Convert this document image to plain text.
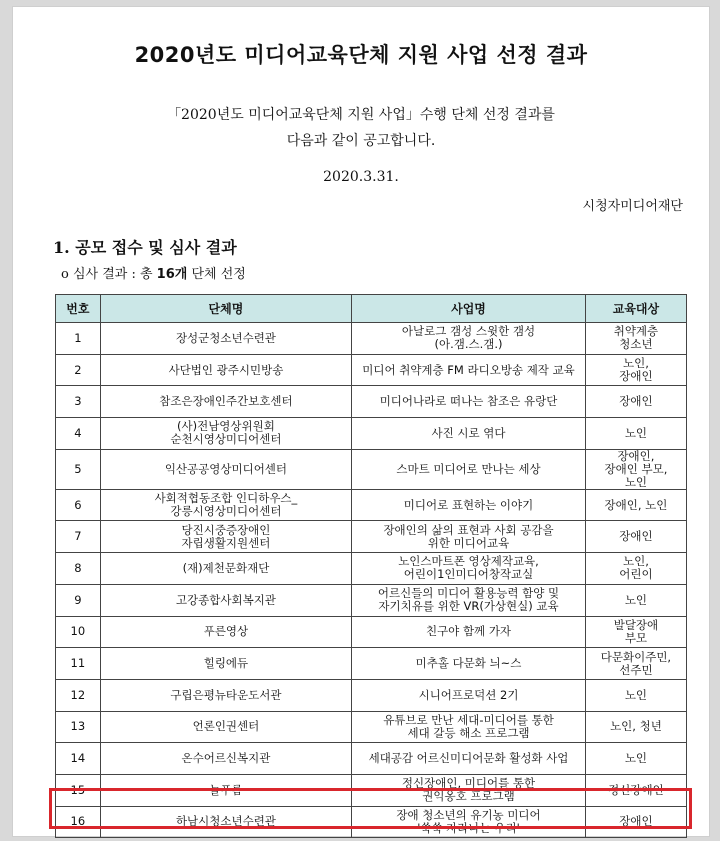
2020년도 미디어교육단체 지원 사업 선정 결과
「2020년도 미디어교육단체 지원 사업」수행 단체 선정 결과를
다음과 같이 공고합니다.
2020.3.31.
시청자미디어재단
1. 공모 접수 및 심사 결과
o 심사 결과 : 총 16개 단체 선정
번호	단체명	사업명	교육대상
1	장성군청소년수련관	아날로그 갬성 스윗한 갬성
(아.갬.스.갬.)	취약계층
청소년
2	사단법인 광주시민방송	미디어 취약계층 FM 라디오방송 제작 교육	노인,
장애인
3	참조은장애인주간보호센터	미디어나라로 떠나는 참조은 유랑단	장애인
4	(사)전남영상위원회
순천시영상미디어센터	사진 시로 엮다	노인
5	익산공공영상미디어센터	스마트 미디어로 만나는 세상	장애인,
장애인 부모,
노인
6	사회적협동조합 인디하우스_
강릉시영상미디어센터	미디어로 표현하는 이야기	장애인, 노인
7	당진시중증장애인
자립생활지원센터	장애인의 삶의 표현과 사회 공감을
위한 미디어교육	장애인
8	(재)제천문화재단	노인스마트폰 영상제작교육,
어린이1인미디어창작교실	노인,
어린이
9	고강종합사회복지관	어르신들의 미디어 활용능력 함양 및
자기치유를 위한 VR(가상현실) 교육	노인
10	푸른영상	친구야 함께 가자	발달장애
부모
11	힐링에듀	미추홀 다문화 늬~스	다문화이주민,
선주민
12	구립은평뉴타운도서관	시니어프로덕션 2기	노인
13	언론인권센터	유튜브로 만난 세대-미디어를 통한
세대 갈등 해소 프로그램	노인, 청년
14	온수어르신복지관	세대공감 어르신미디어문화 활성화 사업	노인
15	늘푸름	정신장애인, 미디어를 통한
권익옹호 프로그램	정신장애인
16	하남시청소년수련관	장애 청소년의 유기농 미디어
'쑥쑥 자라나는 우리'	장애인
